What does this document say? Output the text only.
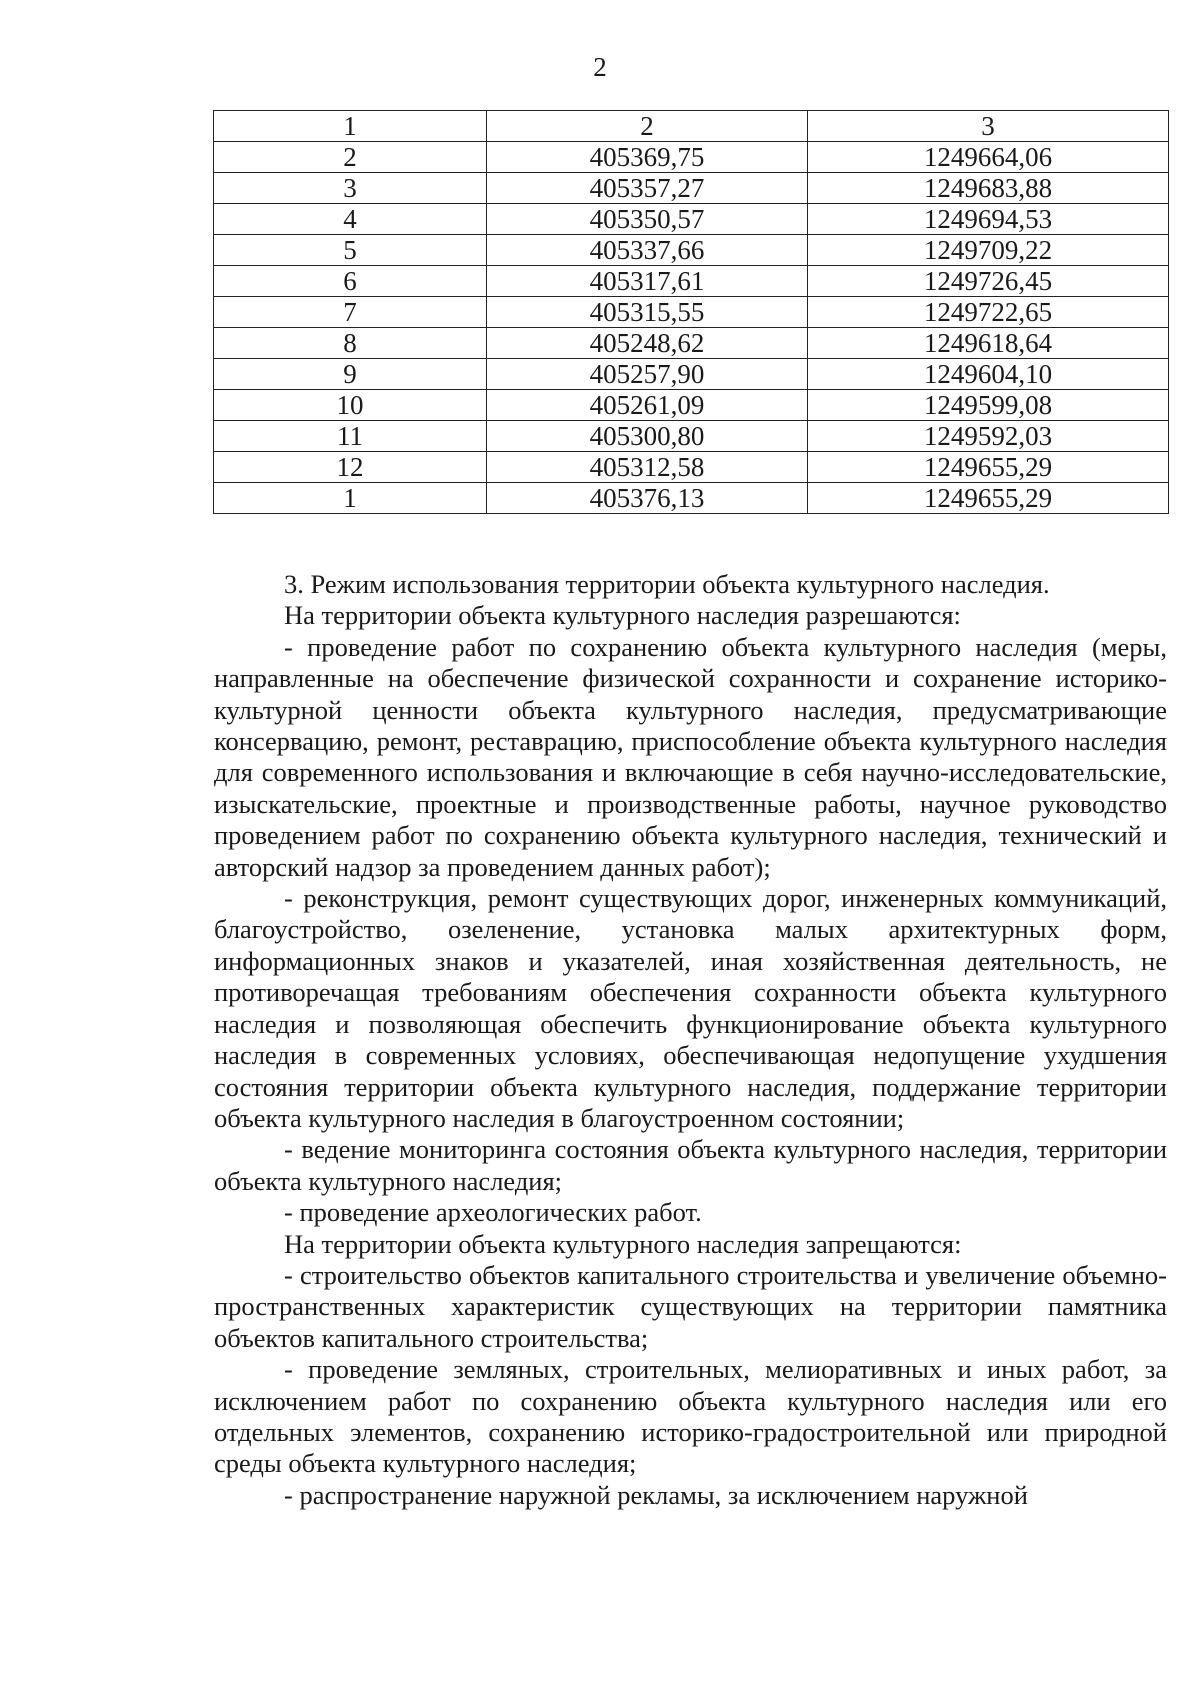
2
1	2	3
2	405369,75	1249664,06
3	405357,27	1249683,88
4	405350,57	1249694,53
5	405337,66	1249709,22
6	405317,61	1249726,45
7	405315,55	1249722,65
8	405248,62	1249618,64
9	405257,90	1249604,10
10	405261,09	1249599,08
11	405300,80	1249592,03
12	405312,58	1249655,29
1	405376,13	1249655,29

3. Режим использования территории объекта культурного наследия.

На территории объекта культурного наследия разрешаются:

- проведение работ по сохранению объекта культурного наследия (меры, направленные на обеспечение физической сохранности и сохранение историко-культурной ценности объекта культурного наследия, предусматривающие консервацию, ремонт, реставрацию, приспособление объекта культурного наследия для современного использования и включающие в себя научно-исследовательские, изыскательские, проектные и производственные работы, научное руководство проведением работ по сохранению объекта культурного наследия, технический и авторский надзор за проведением данных работ);

- реконструкция, ремонт существующих дорог, инженерных коммуникаций, благоустройство, озеленение, установка малых архитектурных форм, информационных знаков и указателей, иная хозяйственная деятельность, не противоречащая требованиям обеспечения сохранности объекта культурного наследия и позволяющая обеспечить функционирование объекта культурного наследия в современных условиях, обеспечивающая недопущение ухудшения состояния территории объекта культурного наследия, поддержание территории объекта культурного наследия в благоустроенном состоянии;

- ведение мониторинга состояния объекта культурного наследия, территории объекта культурного наследия;

- проведение археологических работ.

На территории объекта культурного наследия запрещаются:

- строительство объектов капитального строительства и увеличение объемно-пространственных характеристик существующих на территории памятника объектов капитального строительства;

- проведение земляных, строительных, мелиоративных и иных работ, за исключением работ по сохранению объекта культурного наследия или его отдельных элементов, сохранению историко-градостроительной или природной среды объекта культурного наследия;

- распространение наружной рекламы, за исключением наружной
